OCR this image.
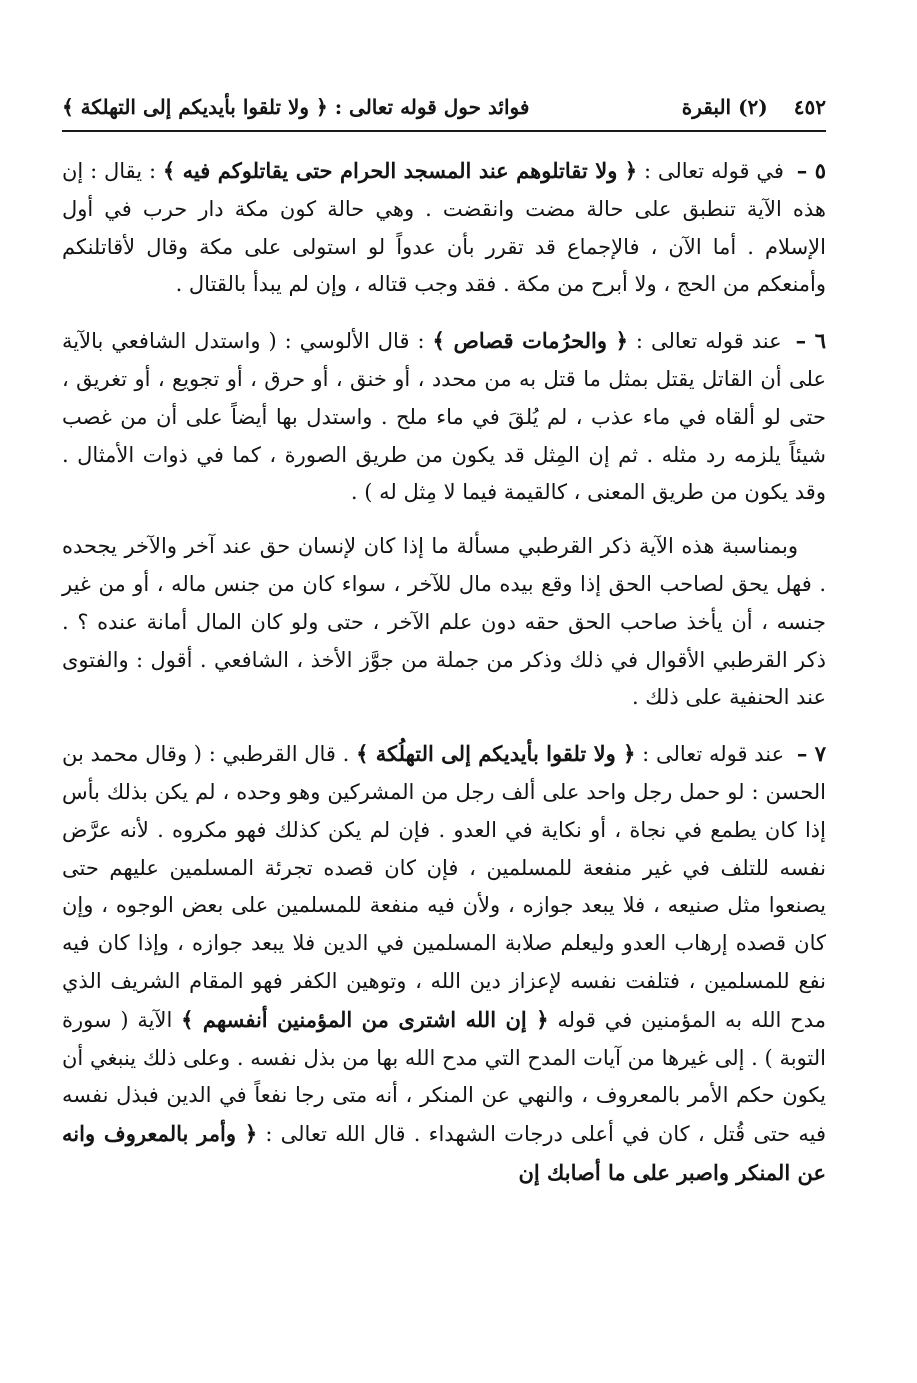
٤٥٢
(٢) البقرة
فوائد حول قوله تعالى : ﴿ ولا تلقوا بأيديكم إلى التهلكة ﴾

٥ – في قوله تعالى : ﴿ ولا تقاتلوهم عند المسجد الحرام حتى يقاتلوكم فيه ﴾ : يقال : إن هذه الآية تنطبق على حالة مضت وانقضت . وهي حالة كون مكة دار حرب في أول الإسلام . أما الآن ، فالإجماع قد تقرر بأن عدواً لو استولى على مكة وقال لأقاتلنكم وأمنعكم من الحج ، ولا أبرح من مكة . فقد وجب قتاله ، وإن لم يبدأ بالقتال .

٦ – عند قوله تعالى : ﴿ والحرُمات قصاص ﴾ : قال الألوسي : ( واستدل الشافعي بالآية على أن القاتل يقتل بمثل ما قتل به من محدد ، أو خنق ، أو حرق ، أو تجويع ، أو تغريق ، حتى لو ألقاه في ماء عذب ، لم يُلقَ في ماء ملح . واستدل بها أيضاً على أن من غصب شيئاً يلزمه رد مثله . ثم إن المِثل قد يكون من طريق الصورة ، كما في ذوات الأمثال . وقد يكون من طريق المعنى ، كالقيمة فيما لا مِثل له ) .

وبمناسبة هذه الآية ذكر القرطبي مسألة ما إذا كان لإنسان حق عند آخر والآخر يجحده . فهل يحق لصاحب الحق إذا وقع بيده مال للآخر ، سواء كان من جنس ماله ، أو من غير جنسه ، أن يأخذ صاحب الحق حقه دون علم الآخر ، حتى ولو كان المال أمانة عنده ؟ . ذكر القرطبي الأقوال في ذلك وذكر من جملة من جوَّز الأخذ ، الشافعي . أقول : والفتوى عند الحنفية على ذلك .

٧ – عند قوله تعالى : ﴿ ولا تلقوا بأيديكم إلى التهلُكة ﴾ . قال القرطبي : ( وقال محمد بن الحسن : لو حمل رجل واحد على ألف رجل من المشركين وهو وحده ، لم يكن بذلك بأس إذا كان يطمع في نجاة ، أو نكاية في العدو . فإن لم يكن كذلك فهو مكروه . لأنه عرَّض نفسه للتلف في غير منفعة للمسلمين ، فإن كان قصده تجرئة المسلمين عليهم حتى يصنعوا مثل صنيعه ، فلا يبعد جوازه ، ولأن فيه منفعة للمسلمين على بعض الوجوه ، وإن كان قصده إرهاب العدو وليعلم صلابة المسلمين في الدين فلا يبعد جوازه ، وإذا كان فيه نفع للمسلمين ، فتلفت نفسه لإعزاز دين الله ، وتوهين الكفر فهو المقام الشريف الذي مدح الله به المؤمنين في قوله ﴿ إن الله اشترى من المؤمنين أنفسهم ﴾ الآية ( سورة التوبة ) . إلى غيرها من آيات المدح التي مدح الله بها من بذل نفسه . وعلى ذلك ينبغي أن يكون حكم الأمر بالمعروف ، والنهي عن المنكر ، أنه متى رجا نفعاً في الدين فبذل نفسه فيه حتى قُتل ، كان في أعلى درجات الشهداء . قال الله تعالى : ﴿ وأمر بالمعروف وانه عن المنكر واصبر على ما أصابك إن
